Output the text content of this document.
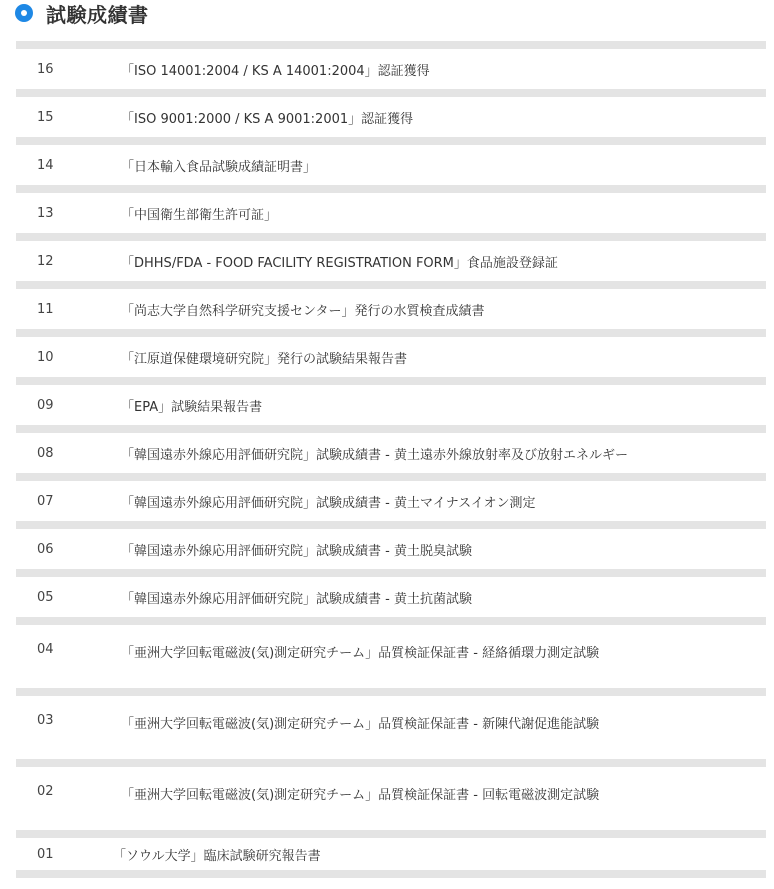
試験成績書
16	「ISO 14001:2004 / KS A 14001:2004」認証獲得
15	「ISO 9001:2000 / KS A 9001:2001」認証獲得
14	「日本輸入食品試験成績証明書」
13	「中国衛生部衛生許可証」
12	「DHHS/FDA - FOOD FACILITY REGISTRATION FORM」食品施設登録証
11	「尚志大学自然科学研究支援センター」発行の水質検査成績書
10	「江原道保健環境研究院」発行の試験結果報告書
09	「EPA」試験結果報告書
08	「韓国遠赤外線応用評価研究院」試験成績書 - 黄土遠赤外線放射率及び放射エネルギー
07	「韓国遠赤外線応用評価研究院」試験成績書 - 黄土マイナスイオン測定
06	「韓国遠赤外線応用評価研究院」試験成績書 - 黄土脱臭試験
05	「韓国遠赤外線応用評価研究院」試験成績書 - 黄土抗菌試験
04	「亜洲大学回転電磁波(気)測定研究チーム」品質検証保証書 - 経絡循環力測定試験
03	「亜洲大学回転電磁波(気)測定研究チーム」品質検証保証書 - 新陳代謝促進能試験
02	「亜洲大学回転電磁波(気)測定研究チーム」品質検証保証書 - 回転電磁波測定試験
01	「ソウル大学」臨床試験研究報告書
